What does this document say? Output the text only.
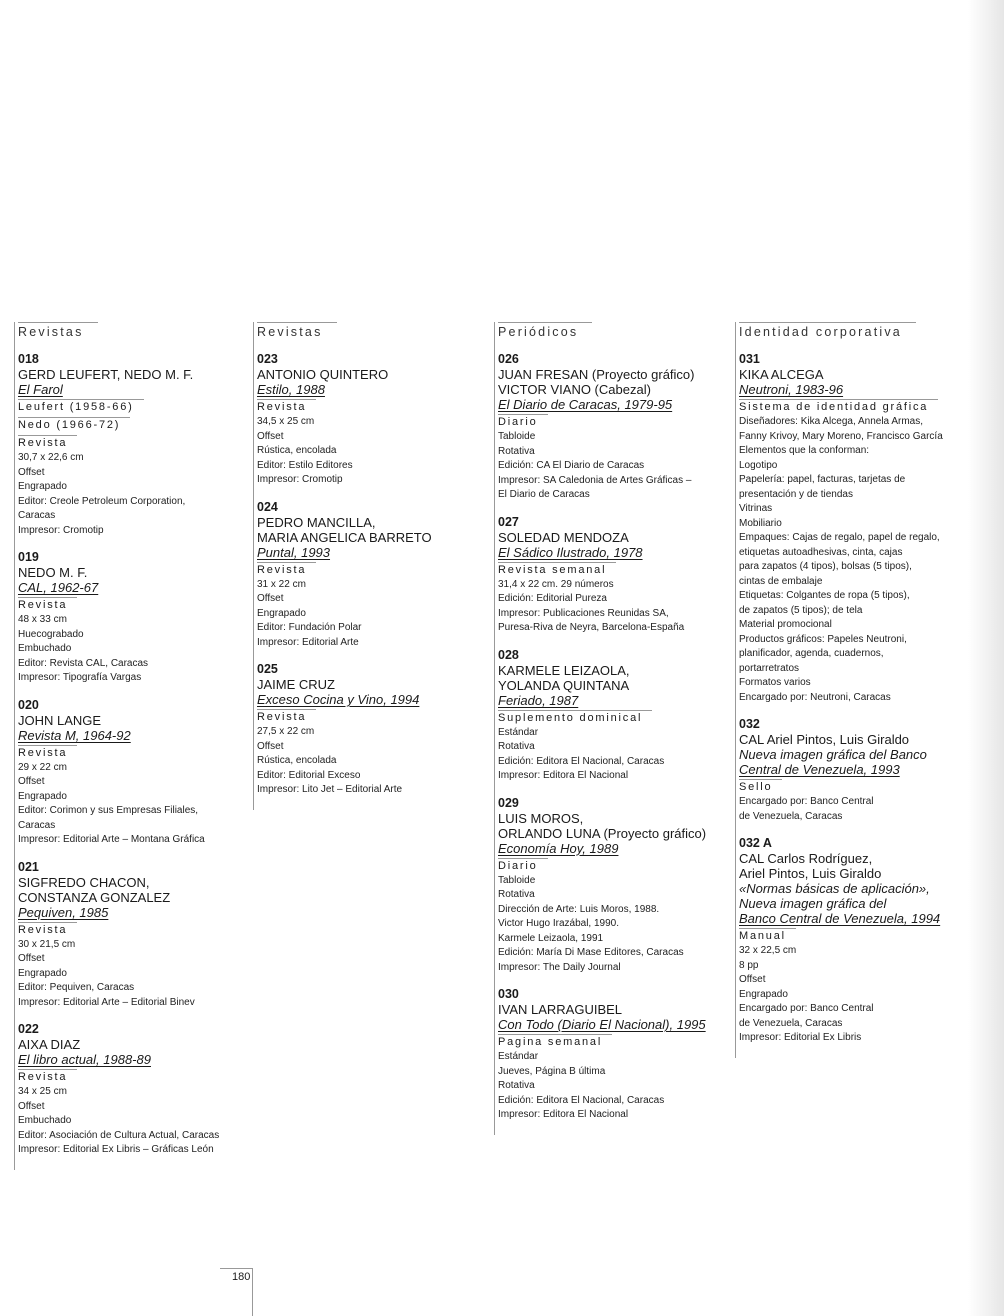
Revistas
018
GERD LEUFERT, NEDO M. F.
El Farol
Leufert (1958-66)Nedo (1966-72)
Revista
30,7 x 22,6 cm
Offset
Engrapado
Editor: Creole Petroleum Corporation,
Caracas
Impresor: Cromotip
019
NEDO M. F.
CAL, 1962-67
Revista
48 x 33 cm
Huecograbado
Embuchado
Editor: Revista CAL, Caracas
Impresor: Tipografía Vargas
020
JOHN LANGE
Revista M, 1964-92
Revista
29 x 22 cm
Offset
Engrapado
Editor: Corimon y sus Empresas Filiales,
Caracas
Impresor: Editorial Arte – Montana Gráfica
021
SIGFREDO CHACON,
CONSTANZA GONZALEZ
Pequiven, 1985
Revista
30 x 21,5 cm
Offset
Engrapado
Editor: Pequiven, Caracas
Impresor: Editorial Arte – Editorial Binev
022
AIXA DIAZ
El libro actual, 1988-89
Revista
34 x 25 cm
Offset
Embuchado
Editor: Asociación de Cultura Actual, Caracas
Impresor: Editorial Ex Libris – Gráficas León
Revistas
023
ANTONIO QUINTERO
Estilo, 1988
Revista
34,5 x 25 cm
Offset
Rústica, encolada
Editor: Estilo Editores
Impresor: Cromotip
024
PEDRO MANCILLA,
MARIA ANGELICA BARRETO
Puntal, 1993
Revista
31 x 22 cm
Offset
Engrapado
Editor: Fundación Polar
Impresor: Editorial Arte
025
JAIME CRUZ
Exceso Cocina y Vino, 1994
Revista
27,5 x 22 cm
Offset
Rústica, encolada
Editor: Editorial Exceso
Impresor: Lito Jet – Editorial Arte
Periódicos
026
JUAN FRESAN (Proyecto gráfico)
VICTOR VIANO (Cabezal)
El Diario de Caracas, 1979-95
Diario
Tabloide
Rotativa
Edición: CA El Diario de Caracas
Impresor: SA Caledonia de Artes Gráficas –
El Diario de Caracas
027
SOLEDAD MENDOZA
El Sádico Ilustrado, 1978
Revista semanal
31,4 x 22 cm. 29 números
Edición: Editorial Pureza
Impresor: Publicaciones Reunidas SA,
Puresa-Riva de Neyra, Barcelona-España
028
KARMELE LEIZAOLA,
YOLANDA QUINTANA
Feriado, 1987
Suplemento dominical
Estándar
Rotativa
Edición: Editora El Nacional, Caracas
Impresor: Editora El Nacional
029
LUIS MOROS,
ORLANDO LUNA (Proyecto gráfico)
Economía Hoy, 1989
Diario
Tabloide
Rotativa
Dirección de Arte: Luis Moros, 1988.
Victor Hugo Irazábal, 1990.
Karmele Leizaola, 1991
Edición: María Di Mase Editores, Caracas
Impresor: The Daily Journal
030
IVAN LARRAGUIBEL
Con Todo (Diario El Nacional), 1995
Pagina semanal
Estándar
Jueves, Página B última
Rotativa
Edición: Editora El Nacional, Caracas
Impresor: Editora El Nacional
Identidad corporativa
031
KIKA ALCEGA
Neutroni, 1983-96
Sistema de identidad gráfica
Diseñadores: Kika Alcega, Annela Armas,
Fanny Krivoy, Mary Moreno, Francisco García
Elementos que la conforman:
Logotipo
Papelería: papel, facturas, tarjetas de
presentación y de tiendas
Vitrinas
Mobiliario
Empaques: Cajas de regalo, papel de regalo,
etiquetas autoadhesivas, cinta, cajas
para zapatos (4 tipos), bolsas (5 tipos),
cintas de embalaje
Etiquetas: Colgantes de ropa (5 tipos),
de zapatos (5 tipos); de tela
Material promocional
Productos gráficos: Papeles Neutroni,
planificador, agenda, cuadernos,
portarretratos
Formatos varios
Encargado por: Neutroni, Caracas
032
CAL Ariel Pintos, Luis Giraldo
Nueva imagen gráfica del Banco
Central de Venezuela, 1993
Sello
Encargado por: Banco Central
de Venezuela, Caracas
032 A
CAL Carlos Rodríguez,
Ariel Pintos, Luis Giraldo
«Normas básicas de aplicación»,
Nueva imagen gráfica del
Banco Central de Venezuela, 1994
Manual
32 x 22,5 cm
8 pp
Offset
Engrapado
Encargado por: Banco Central
de Venezuela, Caracas
Impresor: Editorial Ex Libris
180
